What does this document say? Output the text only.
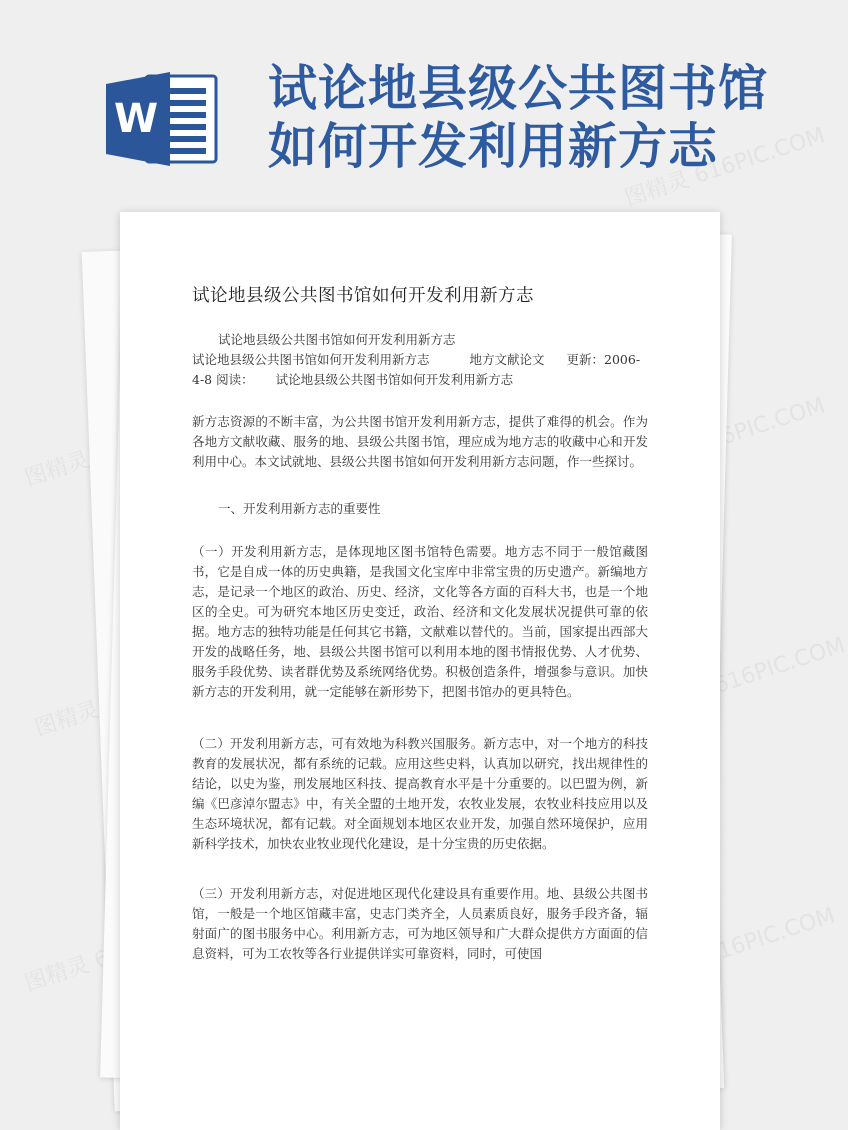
W
试论地县级公共图书馆如何开发利用新方志
图精灵
616PIC.COM
图精灵	图精灵 616PIC.COM
图精灵	图精灵 616PIC.COM
图精灵 616PIC.COM
试论地县级公共图书馆如何开发利用新方志
试论地县级公共图书馆如何开发利用新方志
试论地县级公共图书馆如何开发利用新方志	地方文献论文 更新：2006-
4-8 阅读： 试论地县级公共图书馆如何开发利用新方志
新方志资源的不断丰富，为公共图书馆开发利用新方志，提供了难得的机会。作为各地方文献收藏、服务的地、县级公共图书馆，理应成为地方志的收藏中心和开发利用中心。本文试就地、县级公共图书馆如何开发利用新方志问题，作一些探讨。
一、开发利用新方志的重要性
（一）开发利用新方志，是体现地区图书馆特色需要。地方志不同于一般馆藏图书，它是自成一体的历史典籍，是我国文化宝库中非常宝贵的历史遗产。新编地方志，是记录一个地区的政治、历史、经济，文化等各方面的百科大书，也是一个地区的全史。可为研究本地区历史变迁，政治、经济和文化发展状况提供可靠的依据。地方志的独特功能是任何其它书籍，文献难以替代的。当前，国家提出西部大开发的战略任务，地、县级公共图书馆可以利用本地的图书情报优势、人才优势、服务手段优势、读者群优势及系统网络优势。积极创造条件，增强参与意识。加快新方志的开发利用，就一定能够在新形势下，把图书馆办的更具特色。
（二）开发利用新方志，可有效地为科教兴国服务。新方志中，对一个地方的科技教育的发展状况，都有系统的记载。应用这些史料，认真加以研究，找出规律性的结论，以史为鉴，刑发展地区科技、提高教育水平是十分重要的。以巴盟为例，新编《巴彦淖尔盟志》中，有关全盟的土地开发，农牧业发展，农牧业科技应用以及生态环境状况，都有记载。对全面规划本地区农业开发，加强自然环境保护，应用新科学技术，加快农业牧业现代化建设，是十分宝贵的历史依据。
（三）开发利用新方志，对促进地区现代化建设具有重要作用。地、县级公共图书馆，一般是一个地区馆藏丰富，史志门类齐全，人员素质良好，服务手段齐备，辐射面广的图书服务中心。利用新方志，可为地区领导和广大群众提供方方面面的信息资料，可为工农牧等各行业提供详实可靠资料，同时，可使国
